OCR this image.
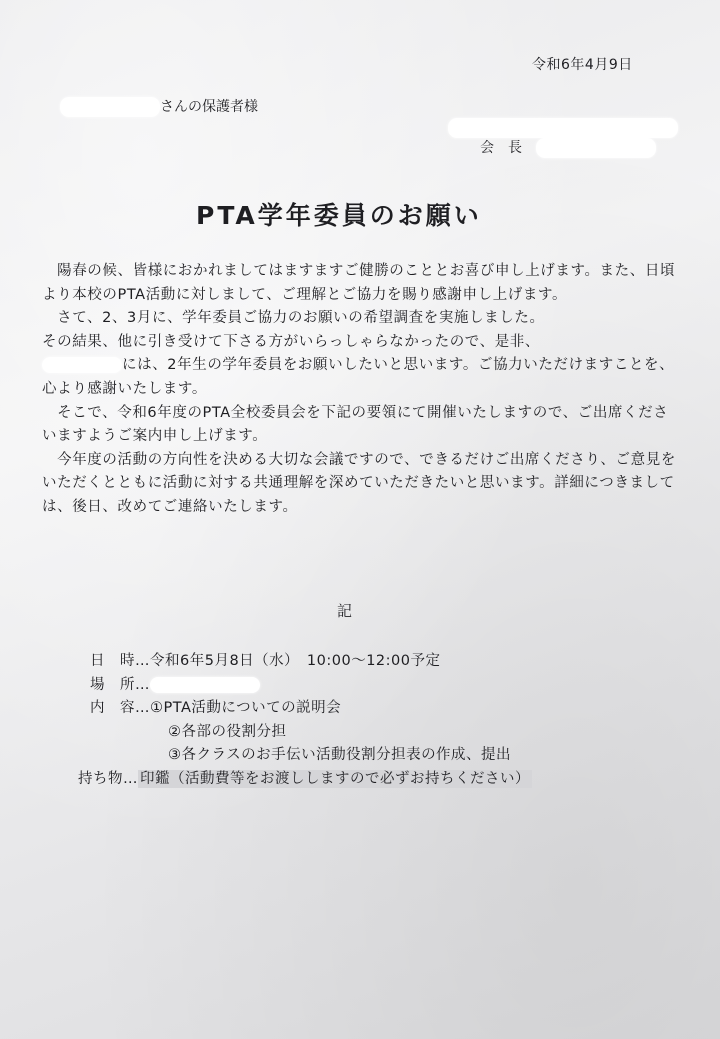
令和6年4月9日
さんの保護者様
会長
PTA学年委員のお願い

　陽春の候、皆様におかれましてはますますご健勝のこととお喜び申し上げます。また、日頃より本校のPTA活動に対しまして、ご理解とご協力を賜り感謝申し上げます。

　さて、2、3月に、学年委員ご協力のお願いの希望調査を実施しました。

その結果、他に引き受けて下さる方がいらっしゃらなかったので、是非、
には、2年生の学年委員をお願いしたいと思います。ご協力いただけますことを、心より感謝いたします。

　そこで、令和6年度のPTA全校委員会を下記の要領にて開催いたしますので、ご出席くださいますようご案内申し上げます。

　今年度の活動の方向性を決める大切な会議ですので、できるだけご出席くださり、ご意見をいただくとともに活動に対する共通理解を深めていただきたいと思います。詳細につきましては、後日、改めてご連絡いたします。

記
日　時…令和6年5月8日（水）　10:00～12:00予定
場　所…
内　容…①PTA活動についての説明会
②各部の役割分担
③各クラスのお手伝い活動役割分担表の作成、提出
持ち物… 印鑑（活動費等をお渡ししますので必ずお持ちください）
